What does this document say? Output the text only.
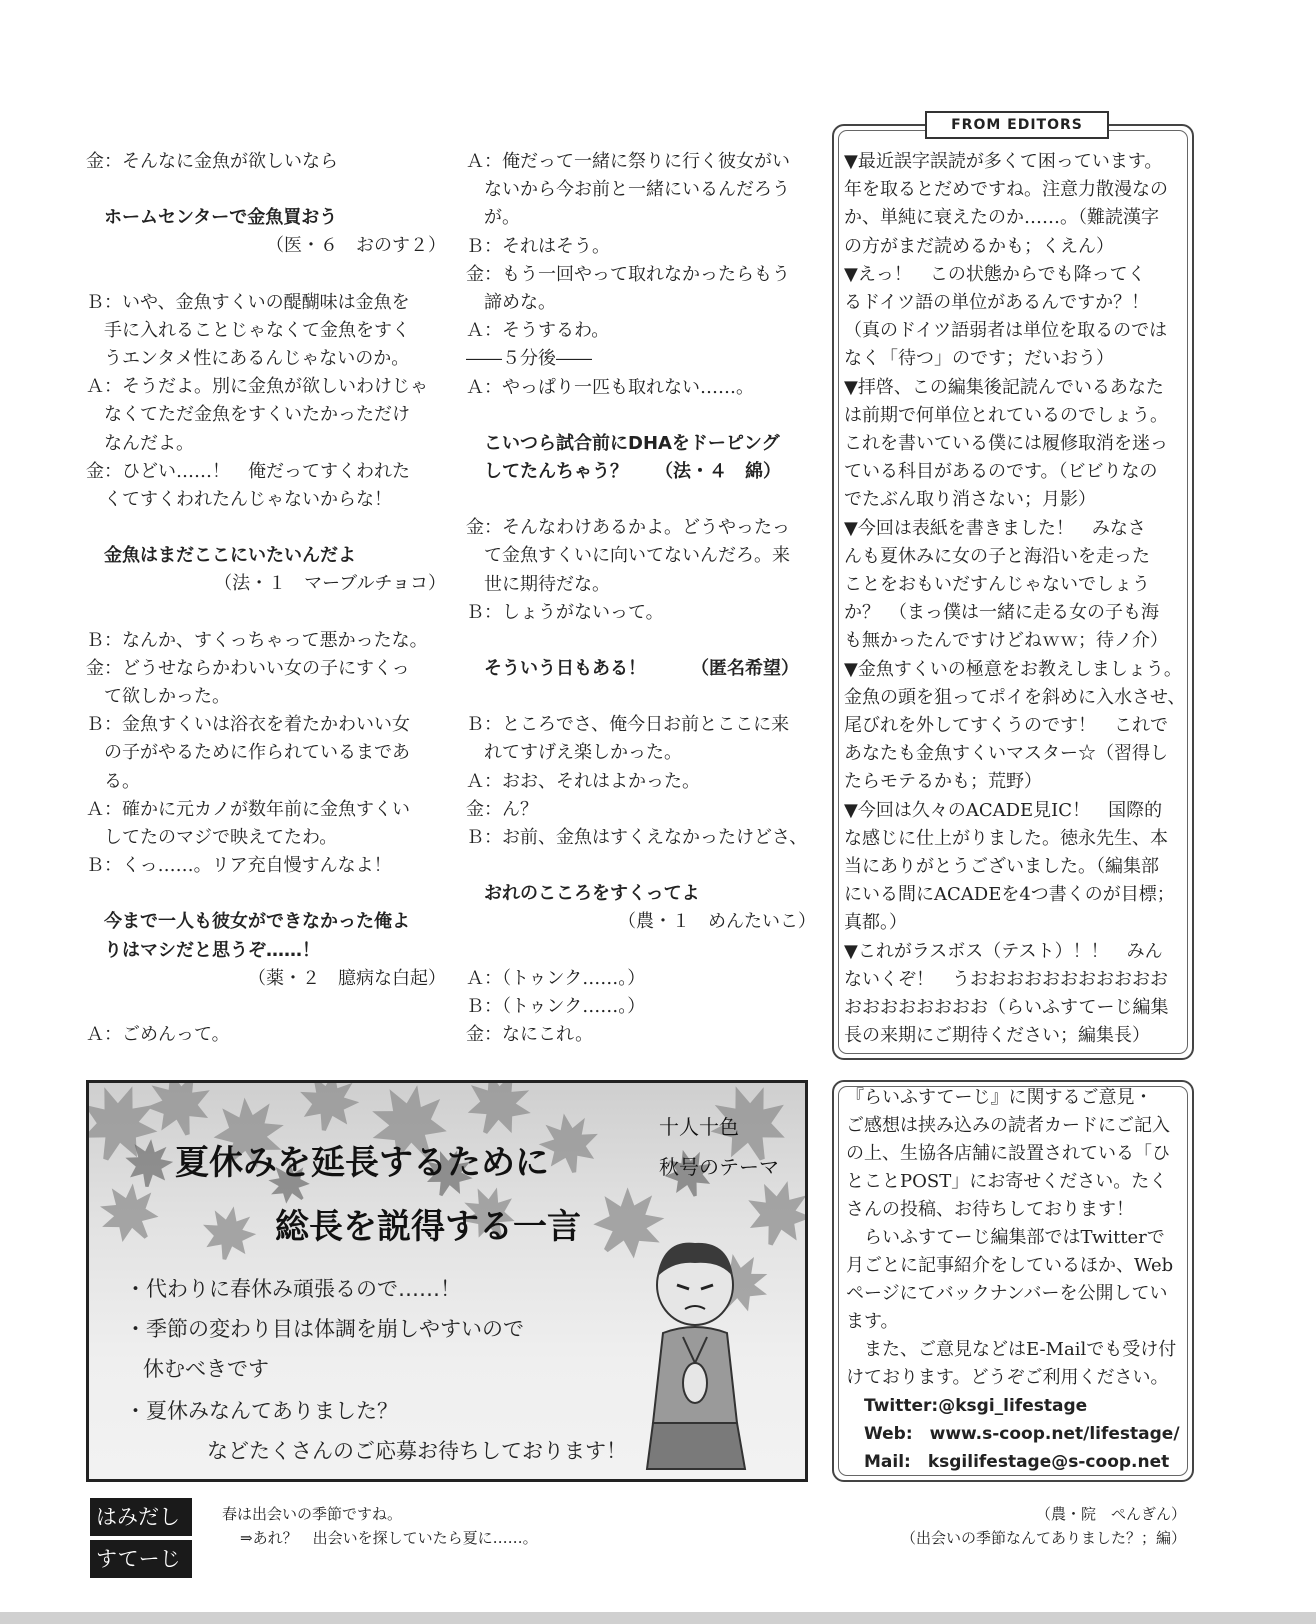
金：そんなに金魚が欲しいなら
ホームセンターで金魚買おう
（医・６　おのす２）
Ｂ：いや、金魚すくいの醍醐味は金魚を
手に入れることじゃなくて金魚をすく
うエンタメ性にあるんじゃないのか。
Ａ：そうだよ。別に金魚が欲しいわけじゃ
なくてただ金魚をすくいたかっただけ
なんだよ。
金：ひどい……！　俺だってすくわれた
くてすくわれたんじゃないからな！
金魚はまだここにいたいんだよ
（法・１　マーブルチョコ）
Ｂ：なんか、すくっちゃって悪かったな。
金：どうせならかわいい女の子にすくっ
て欲しかった。
Ｂ：金魚すくいは浴衣を着たかわいい女
の子がやるために作られているまであ
る。
Ａ：確かに元カノが数年前に金魚すくい
してたのマジで映えてたわ。
Ｂ：くっ……。リア充自慢すんなよ！
今まで一人も彼女ができなかった俺よ
りはマシだと思うぞ……！
（薬・２　臆病な白起）
Ａ：ごめんって。
Ａ：俺だって一緒に祭りに行く彼女がい
ないから今お前と一緒にいるんだろう
が。
Ｂ：それはそう。
金：もう一回やって取れなかったらもう
諦めな。
Ａ：そうするわ。
――５分後――
Ａ：やっぱり一匹も取れない……。
こいつら試合前にDHAをドーピング
してたんちゃう？　　（法・４　綿）
金：そんなわけあるかよ。どうやったっ
て金魚すくいに向いてないんだろ。来
世に期待だな。
Ｂ：しょうがないって。
そういう日もある！　　　（匿名希望）
Ｂ：ところでさ、俺今日お前とここに来
れてすげえ楽しかった。
Ａ：おお、それはよかった。
金：ん？
Ｂ：お前、金魚はすくえなかったけどさ、
おれのこころをすくってよ
（農・１　めんたいこ）
Ａ：（トゥンク……。）
Ｂ：（トゥンク……。）
金：なにこれ。
FROM EDITORS
▼最近誤字誤読が多くて困っています。
年を取るとだめですね。注意力散漫なの
か、単純に衰えたのか……。（難読漢字
の方がまだ読めるかも；くえん）
▼えっ！　この状態からでも降ってく
るドイツ語の単位があるんですか？！
（真のドイツ語弱者は単位を取るのでは
なく「待つ」のです；だいおう）
▼拝啓、この編集後記読んでいるあなた
は前期で何単位とれているのでしょう。
これを書いている僕には履修取消を迷っ
ている科目があるのです。（ビビりなの
でたぶん取り消さない；月影）
▼今回は表紙を書きました！　みなさ
んも夏休みに女の子と海沿いを走った
ことをおもいだすんじゃないでしょう
か？　（まっ僕は一緒に走る女の子も海
も無かったんですけどねｗｗ；待ノ介）
▼金魚すくいの極意をお教えしましょう。
金魚の頭を狙ってポイを斜めに入水させ、
尾びれを外してすくうのです！　これで
あなたも金魚すくいマスター☆（習得し
たらモテるかも；荒野）
▼今回は久々のACADE見IC！　国際的
な感じに仕上がりました。徳永先生、本
当にありがとうございました。（編集部
にいる間にACADEを4つ書くのが目標；
真都。）
▼これがラスボス（テスト）！！　みん
ないくぞ！　うおおおおおおおおおおお
おおおおおおおお（らいふすてーじ編集
長の来期にご期待ください；編集長）
『らいふすてーじ』に関するご意見・
ご感想は挟み込みの読者カードにご記入
の上、生協各店舗に設置されている「ひ
とことPOST」にお寄せください。たく
さんの投稿、お待ちしております！
　らいふすてーじ編集部ではTwitterで
月ごとに記事紹介をしているほか、Web
ページにてバックナンバーを公開してい
ます。
　また、ご意見などはE-Mailでも受け付
けております。どうぞご利用ください。
Twitter:@ksgi_lifestage
Web:　www.s-coop.net/lifestage/
Mail:　ksgilifestage@s-coop.net
十人十色
秋号のテーマ
夏休みを延長するために
総長を説得する一言
・代わりに春休み頑張るので……！
・季節の変わり目は体調を崩しやすいので
休むべきです
・夏休みなんてありました？
などたくさんのご応募お待ちしております！
はみだし
すてーじ
春は出会いの季節ですね。
⇒あれ？　出会いを探していたら夏に……。
（農・院　ぺんぎん）
（出会いの季節なんてありました？；編）
